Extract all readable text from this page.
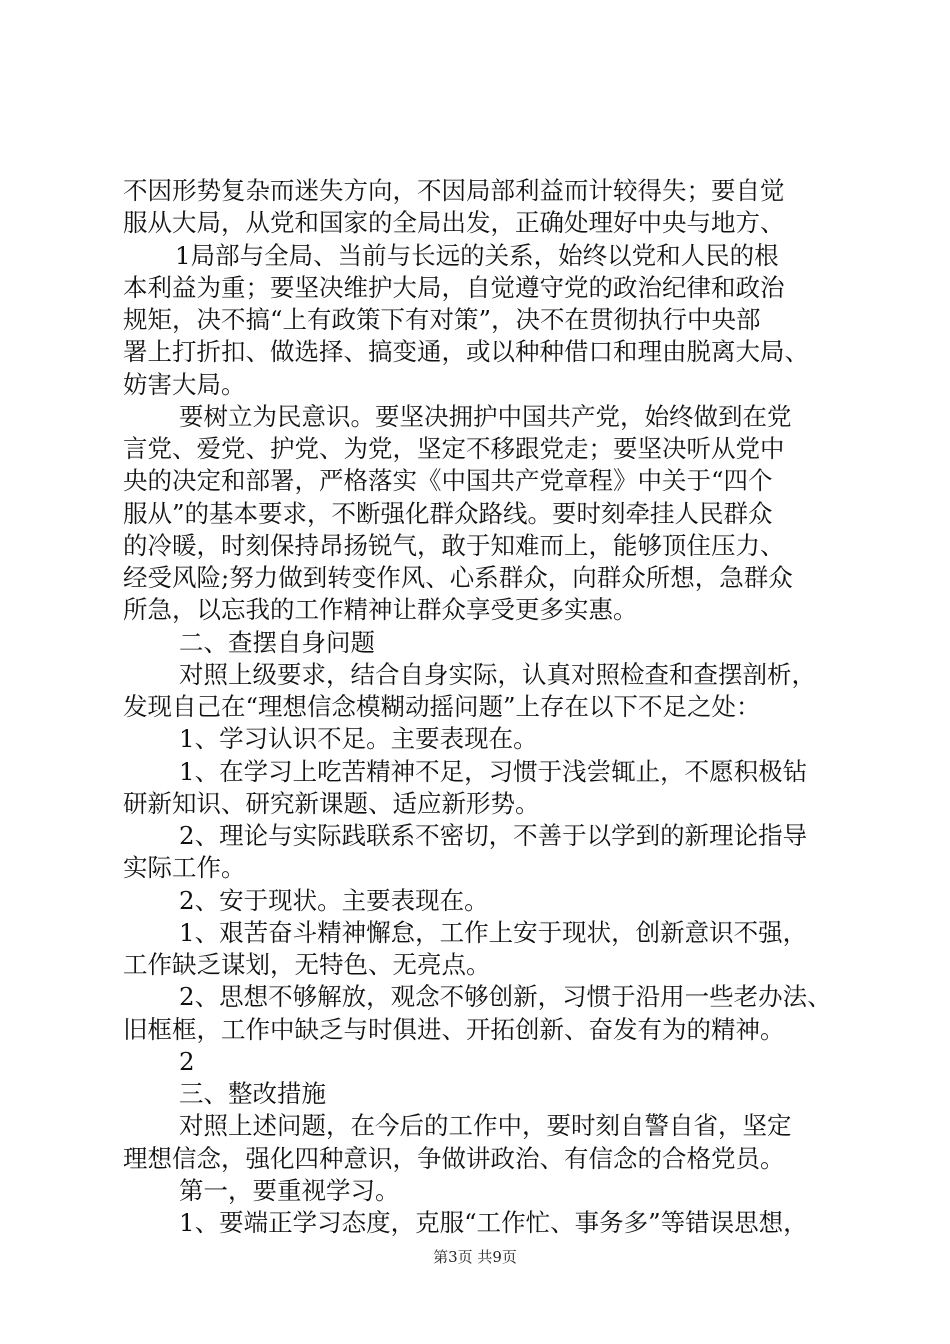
不因形势复杂而迷失方向，不因局部利益而计较得失；要自觉
服从大局，从党和国家的全局出发，正确处理好中央与地方、
1局部与全局、当前与长远的关系，始终以党和人民的根
本利益为重；要坚决维护大局，自觉遵守党的政治纪律和政治
规矩，决不搞“上有政策下有对策”，决不在贯彻执行中央部
署上打折扣、做选择、搞变通，或以种种借口和理由脱离大局、
妨害大局。
要树立为民意识。要坚决拥护中国共产党，始终做到在党
言党、爱党、护党、为党，坚定不移跟党走；要坚决听从党中
央的决定和部署，严格落实《中国共产党章程》中关于“四个
服从”的基本要求，不断强化群众路线。要时刻牵挂人民群众
的冷暖，时刻保持昂扬锐气，敢于知难而上，能够顶住压力、
经受风险;努力做到转变作风、心系群众，向群众所想，急群众
所急，以忘我的工作精神让群众享受更多实惠。
二、查摆自身问题
对照上级要求，结合自身实际，认真对照检查和查摆剖析，
发现自己在“理想信念模糊动摇问题”上存在以下不足之处：
1、学习认识不足。主要表现在。
1、在学习上吃苦精神不足，习惯于浅尝辄止，不愿积极钻
研新知识、研究新课题、适应新形势。
2、理论与实际践联系不密切，不善于以学到的新理论指导
实际工作。
2、安于现状。主要表现在。
1、艰苦奋斗精神懈怠，工作上安于现状，创新意识不强，
工作缺乏谋划，无特色、无亮点。
2、思想不够解放，观念不够创新，习惯于沿用一些老办法、
旧框框，工作中缺乏与时俱进、开拓创新、奋发有为的精神。
2
三、整改措施
对照上述问题，在今后的工作中，要时刻自警自省，坚定
理想信念，强化四种意识，争做讲政治、有信念的合格党员。
第一，要重视学习。
1、要端正学习态度，克服“工作忙、事务多”等错误思想，
第3页 共9页
